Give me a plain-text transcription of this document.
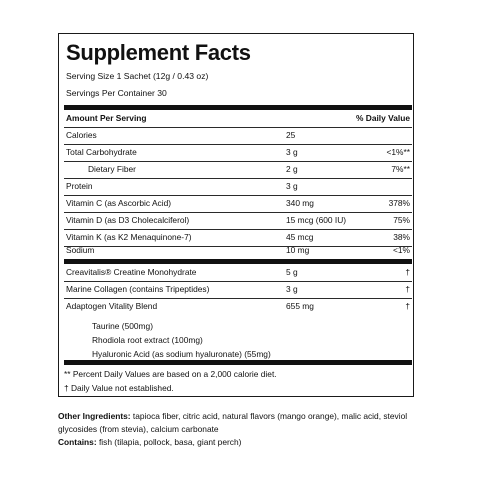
Supplement Facts
Serving Size 1 Sachet (12g / 0.43 oz)
Servings Per Container 30
Amount Per Serving	% Daily Value
Calories	25
Total Carbohydrate	3 g	<1%**
Dietary Fiber	2 g	7%**
Protein	3 g
Vitamin C (as Ascorbic Acid)	340 mg	378%
Vitamin D (as D3 Cholecalciferol)	15 mcg (600 IU)	75%
Vitamin K (as K2 Menaquinone-7)	45 mcg	38%
Sodium	10 mg	<1%
Creavitalis® Creatine Monohydrate	5 g	†
Marine Collagen (contains Tripeptides)	3 g	†
Adaptogen Vitality Blend	655 mg	†
Taurine (500mg)
Rhodiola root extract (100mg)
Hyaluronic Acid (as sodium hyaluronate) (55mg)
** Percent Daily Values are based on a 2,000 calorie diet.
† Daily Value not established.
Other Ingredients: tapioca fiber, citric acid, natural flavors (mango orange), malic acid, steviol glycosides (from stevia), calcium carbonate
Contains: fish (tilapia, pollock, basa, giant perch)
